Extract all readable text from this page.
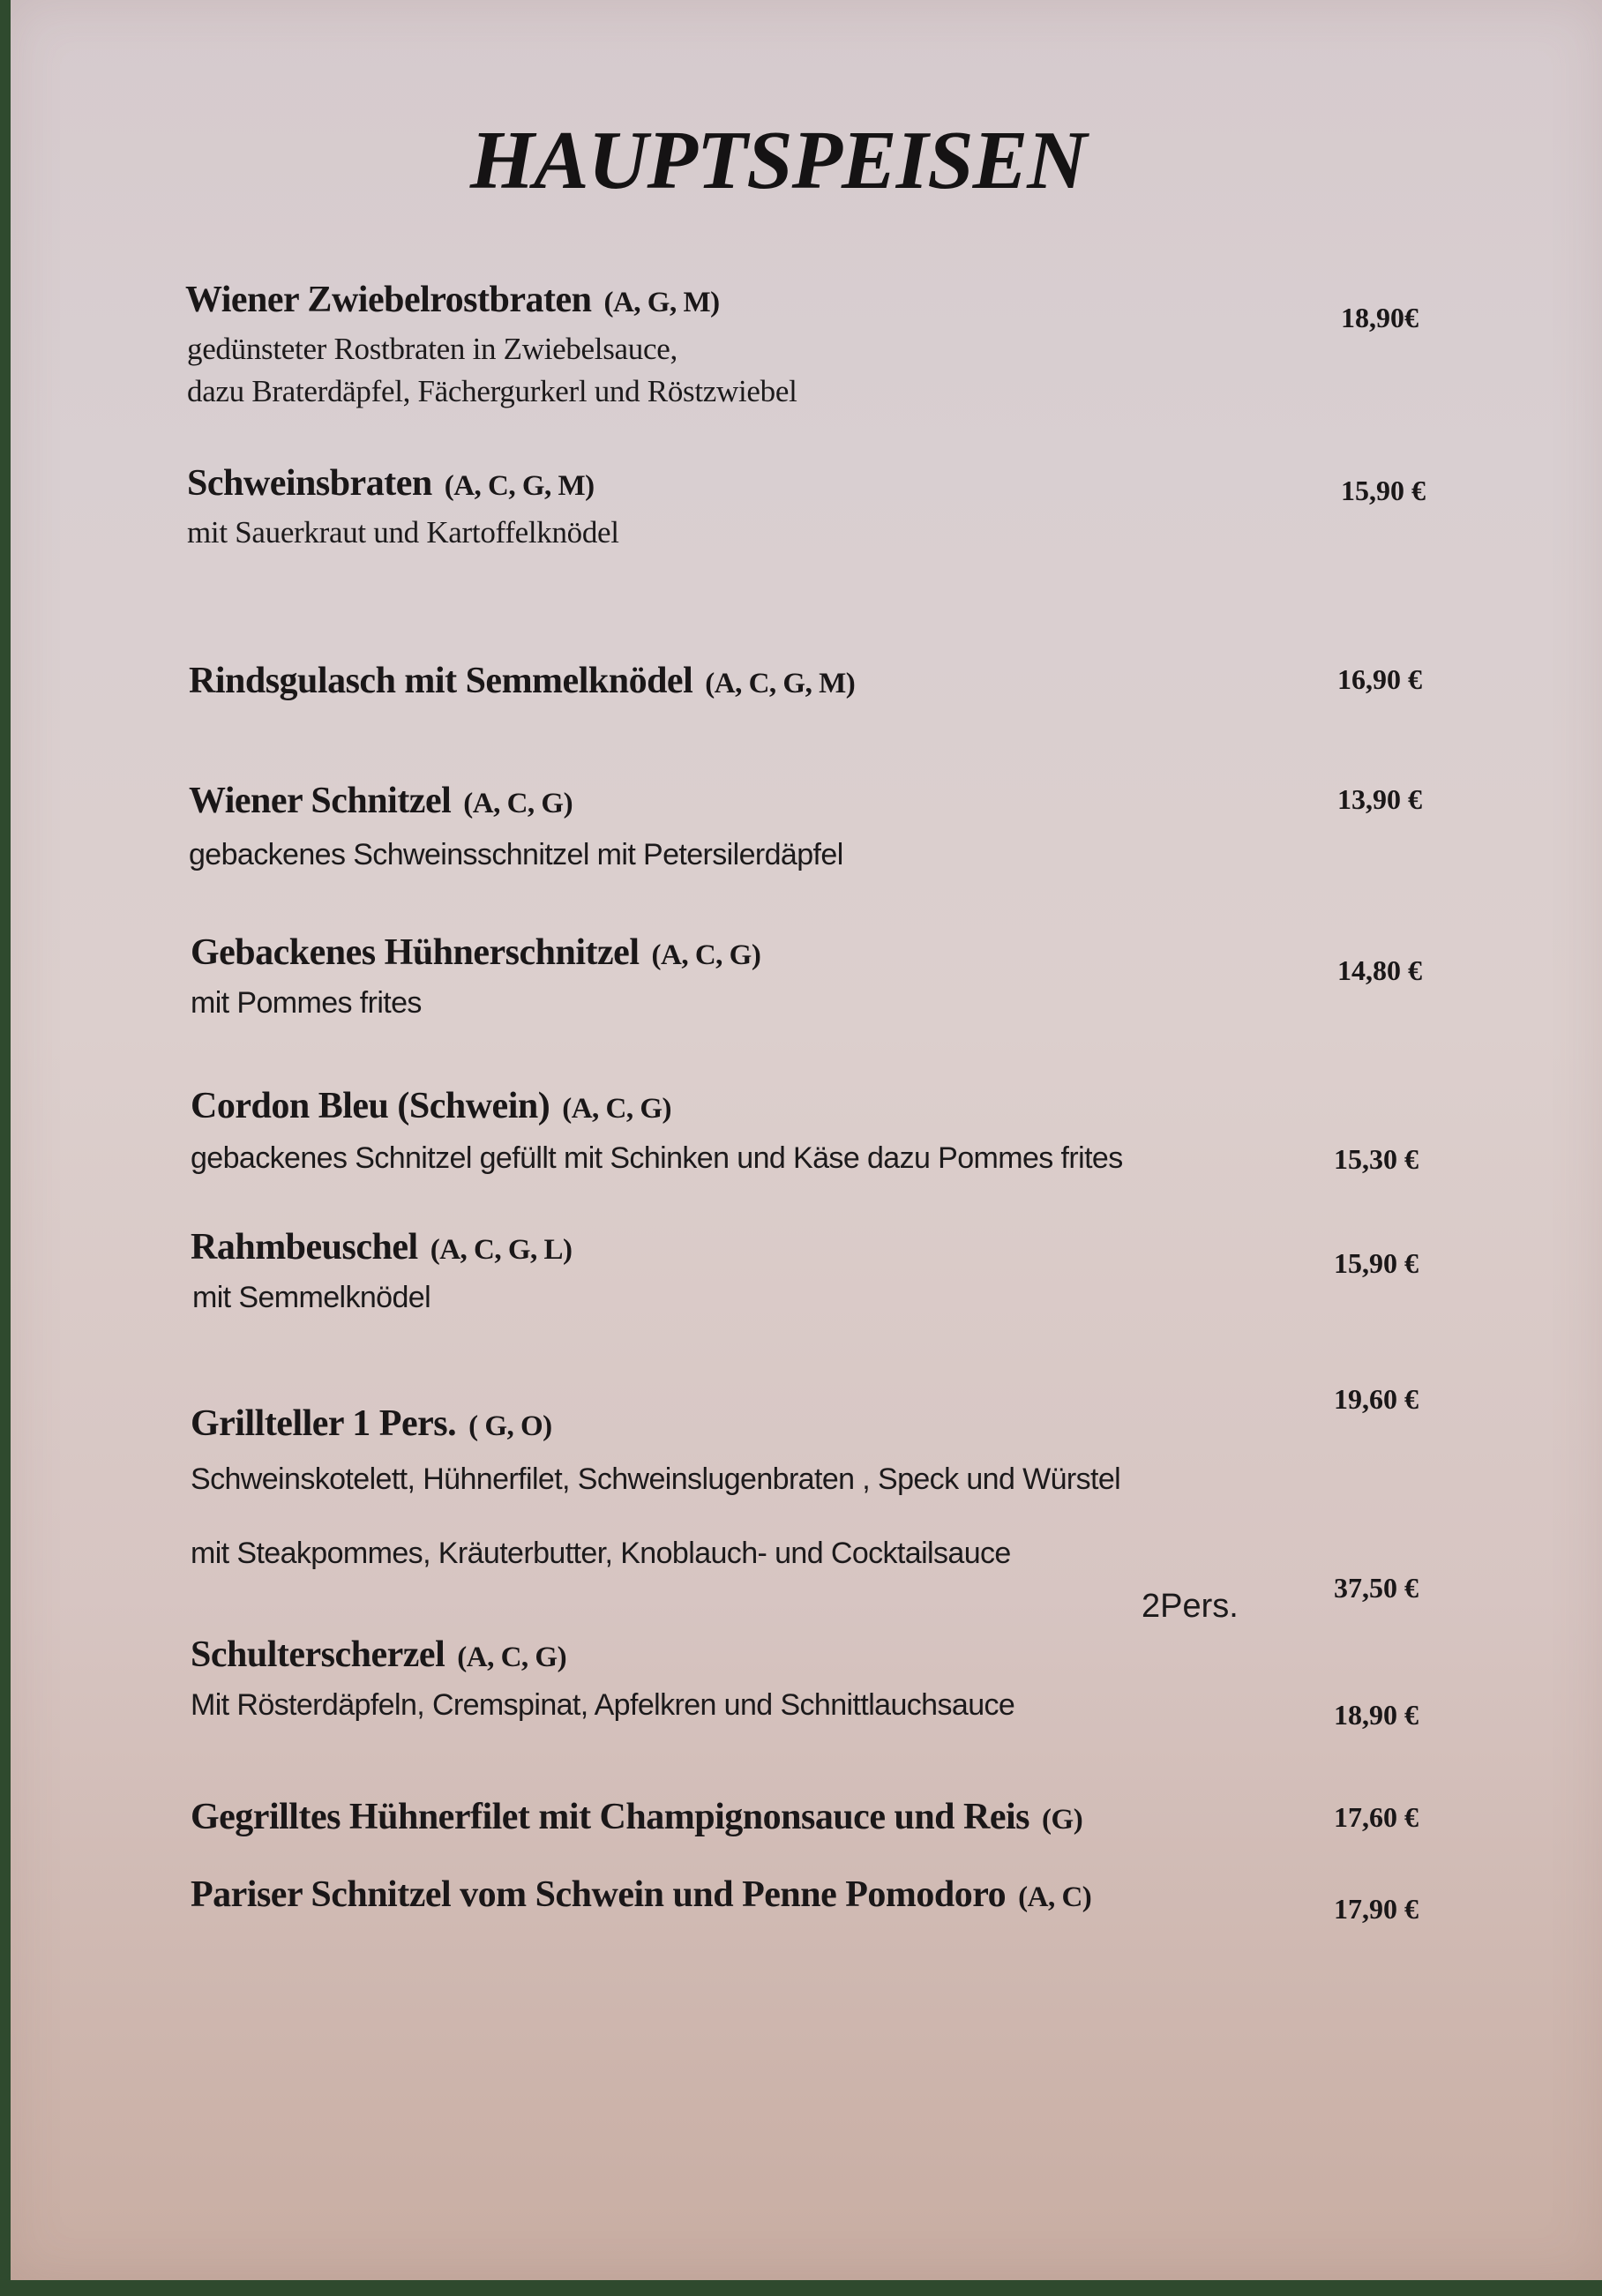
HAUPTSPEISEN
Wiener Zwiebelrostbraten (A, G, M)
gedünsteter Rostbraten in Zwiebelsauce,
dazu Braterdäpfel, Fächergurkerl und Röstzwiebel
18,90€
Schweinsbraten (A, C, G, M)
mit Sauerkraut und Kartoffelknödel
15,90 €
Rindsgulasch mit Semmelknödel (A, C, G, M)	16,90 €
Wiener Schnitzel (A, C, G)
gebackenes Schweinsschnitzel mit Petersilerdäpfel
13,90 €
Gebackenes Hühnerschnitzel (A, C, G)
mit Pommes frites
14,80 €
Cordon Bleu (Schwein) (A, C, G)
gebackenes Schnitzel gefüllt mit Schinken und Käse dazu Pommes frites	15,30 €
Rahmbeuschel (A, C, G, L)
mit Semmelknödel
15,90 €
Grillteller 1 Pers. ( G, O)
19,60 €
Schweinskotelett, Hühnerfilet, Schweinslugenbraten , Speck und Würstel
mit Steakpommes, Kräuterbutter, Knoblauch- und Cocktailsauce
2Pers.	37,50 €
Schulterscherzel (A, C, G)
Mit Rösterdäpfeln, Cremspinat, Apfelkren und Schnittlauchsauce	18,90 €
Gegrilltes Hühnerfilet mit Champignonsauce und Reis (G)	17,60 €
Pariser Schnitzel vom Schwein und Penne Pomodoro (A, C)	17,90 €
